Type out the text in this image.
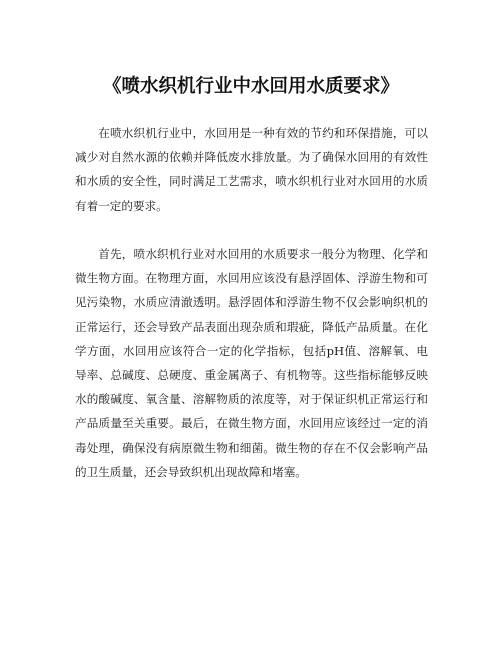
《喷水织机行业中水回用水质要求》

在喷水织机行业中，水回用是一种有效的节约和环保措施，可以减少对自然水源的依赖并降低废水排放量。为了确保水回用的有效性和水质的安全性，同时满足工艺需求，喷水织机行业对水回用的水质有着一定的要求。

首先，喷水织机行业对水回用的水质要求一般分为物理、化学和微生物方面。在物理方面，水回用应该没有悬浮固体、浮游生物和可见污染物，水质应清澈透明。悬浮固体和浮游生物不仅会影响织机的正常运行，还会导致产品表面出现杂质和瑕疵，降低产品质量。在化学方面，水回用应该符合一定的化学指标，包括pH值、溶解氧、电导率、总碱度、总硬度、重金属离子、有机物等。这些指标能够反映水的酸碱度、氧含量、溶解物质的浓度等，对于保证织机正常运行和产品质量至关重要。最后，在微生物方面，水回用应该经过一定的消毒处理，确保没有病原微生物和细菌。微生物的存在不仅会影响产品的卫生质量，还会导致织机出现故障和堵塞。
